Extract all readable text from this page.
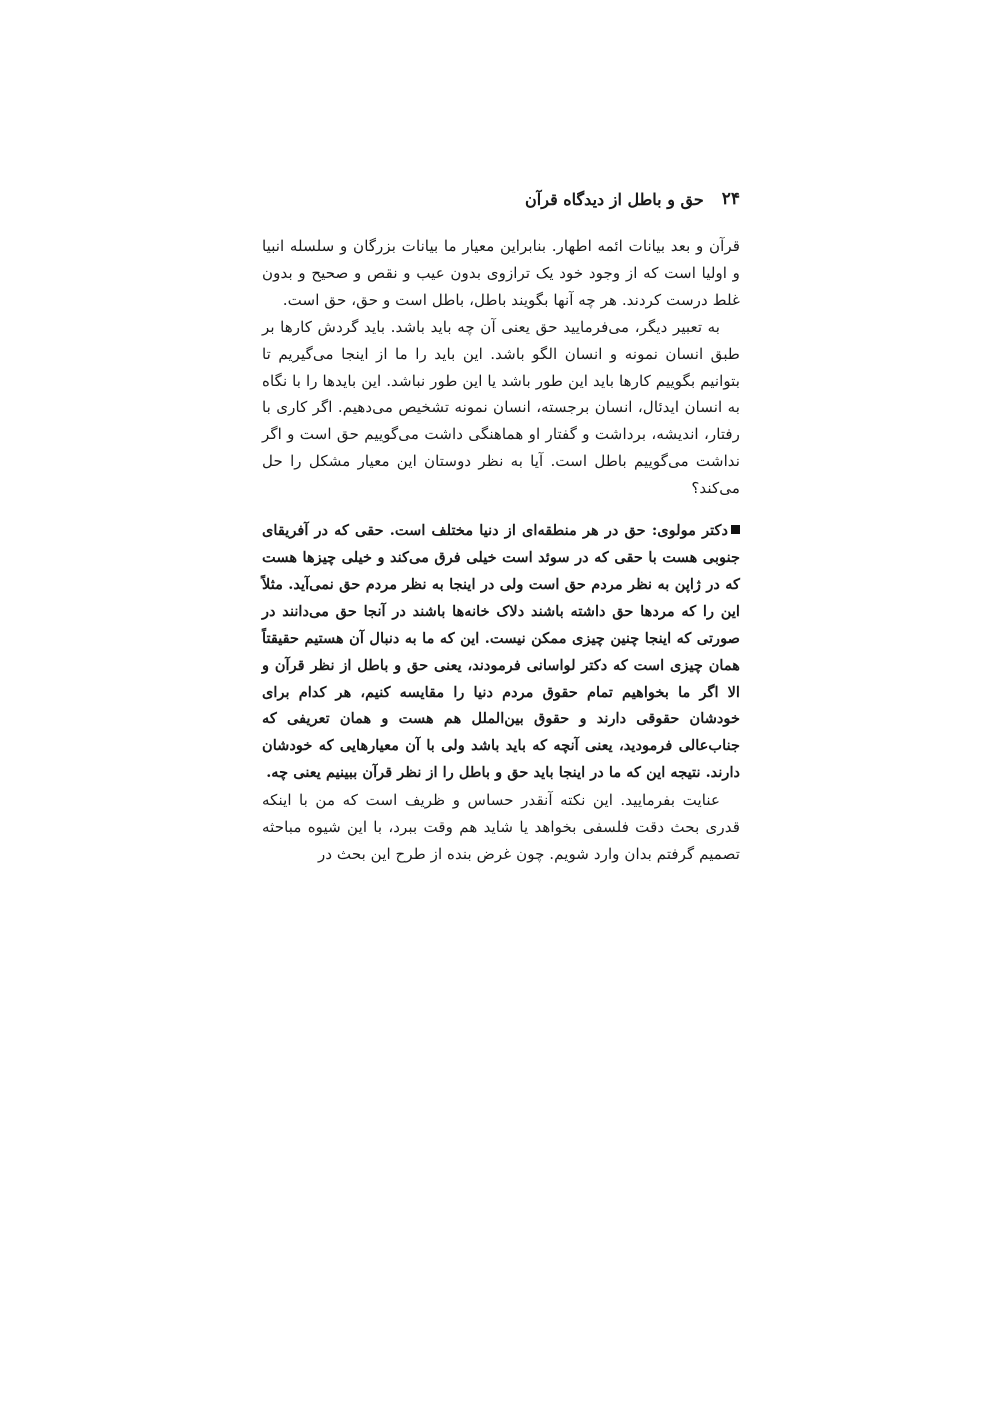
۲۴
حق و باطل از دیدگاه قرآن

قرآن و بعد بیانات ائمه اطهار. بنابراین معیار ما بیانات بزرگان و سلسله انبیا و اولیا است که از وجود خود یک ترازوی بدون عیب و نقص و صحیح و بدون غلط درست کردند. هر چه آنها بگویند باطل، باطل است و حق، حق است.

به تعبیر دیگر، می‌فرمایید حق یعنی آن چه باید باشد. باید گردش کارها بر طبق انسان نمونه و انسان الگو باشد. این باید را ما از اینجا می‌گیریم تا بتوانیم بگوییم کارها باید این طور باشد یا این طور نباشد. این بایدها را با نگاه به انسان ایدئال، انسان برجسته، انسان نمونه تشخیص می‌دهیم. اگر کاری با رفتار، اندیشه، برداشت و گفتار او هماهنگی داشت می‌گوییم حق است و اگر نداشت می‌گوییم باطل است. آیا به نظر دوستان این معیار مشکل را حل می‌کند؟

دکتر مولوی: حق در هر منطقه‌ای از دنیا مختلف است. حقی که در آفریقای جنوبی هست با حقی که در سوئد است خیلی فرق می‌کند و خیلی چیزها هست که در ژاپن به نظر مردم حق است ولی در اینجا به نظر مردم حق نمی‌آید. مثلاً این را که مردها حق داشته باشند دلاک خانه‌ها باشند در آنجا حق می‌دانند در صورتی که اینجا چنین چیزی ممکن نیست. این که ما به دنبال آن هستیم حقیقتاً همان چیزی است که دکتر لواسانی فرمودند، یعنی حق و باطل از نظر قرآن و الا اگر ما بخواهیم تمام حقوق مردم دنیا را مقایسه کنیم، هر کدام برای خودشان حقوقی دارند و حقوق بین‌الملل هم هست و همان تعریفی که جناب‌عالی فرمودید، یعنی آنچه که باید باشد ولی با آن معیارهایی که خودشان دارند. نتیجه این که ما در اینجا باید حق و باطل را از نظر قرآن ببینیم یعنی چه.

عنایت بفرمایید. این نکته آنقدر حساس و ظریف است که من با اینکه قدری بحث دقت فلسفی بخواهد یا شاید هم وقت ببرد، با این شیوه مباحثه تصمیم گرفتم بدان وارد شویم. چون غرض بنده از طرح این بحث در
